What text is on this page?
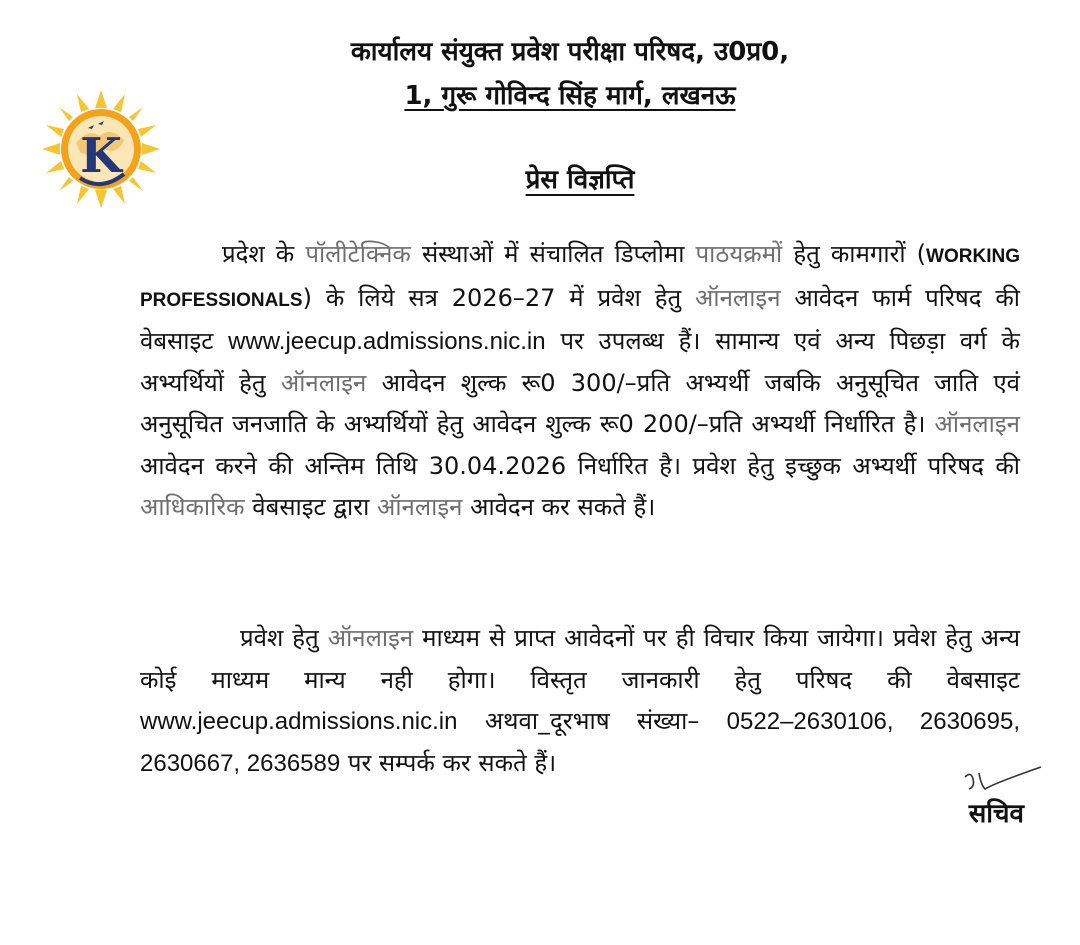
K
कार्यालय संयुक्त प्रवेश परीक्षा परिषद, उ0प्र0,
1, गुरू गोविन्द सिंह मार्ग, लखनऊ
प्रेस विज्ञप्ति
प्रदेश के पॉलीटेक्निक संस्थाओं में संचालित डिप्लोमा पाठयक्रमों हेतु कामगारों (WORKING PROFESSIONALS) के लिये सत्र 2026–27 में प्रवेश हेतु ऑनलाइन आवेदन फार्म परिषद की वेबसाइट www.jeecup.admissions.nic.in पर उपलब्ध हैं। सामान्य एवं अन्य पिछड़ा वर्ग के अभ्यर्थियों हेतु ऑनलाइन आवेदन शुल्क रू0 300/–प्रति अभ्यर्थी जबकि अनुसूचित जाति एवं अनुसूचित जनजाति के अभ्यर्थियों हेतु आवेदन शुल्क रू0 200/–प्रति अभ्यर्थी निर्धारित है। ऑनलाइन आवेदन करने की अन्तिम तिथि 30.04.2026 निर्धारित है। प्रवेश हेतु इच्छुक अभ्यर्थी परिषद की आधिकारिक वेबसाइट द्वारा ऑनलाइन आवेदन कर सकते हैं।
प्रवेश हेतु ऑनलाइन माध्यम से प्राप्त आवेदनों पर ही विचार किया जायेगा। प्रवेश हेतु अन्य कोई माध्यम मान्य नही होगा। विस्तृत जानकारी हेतु परिषद की वेबसाइट www.jeecup.admissions.nic.in अथवा_दूरभाष संख्या– 0522–2630106, 2630695, 2630667, 2636589 पर सम्पर्क कर सकते हैं।
सचिव
